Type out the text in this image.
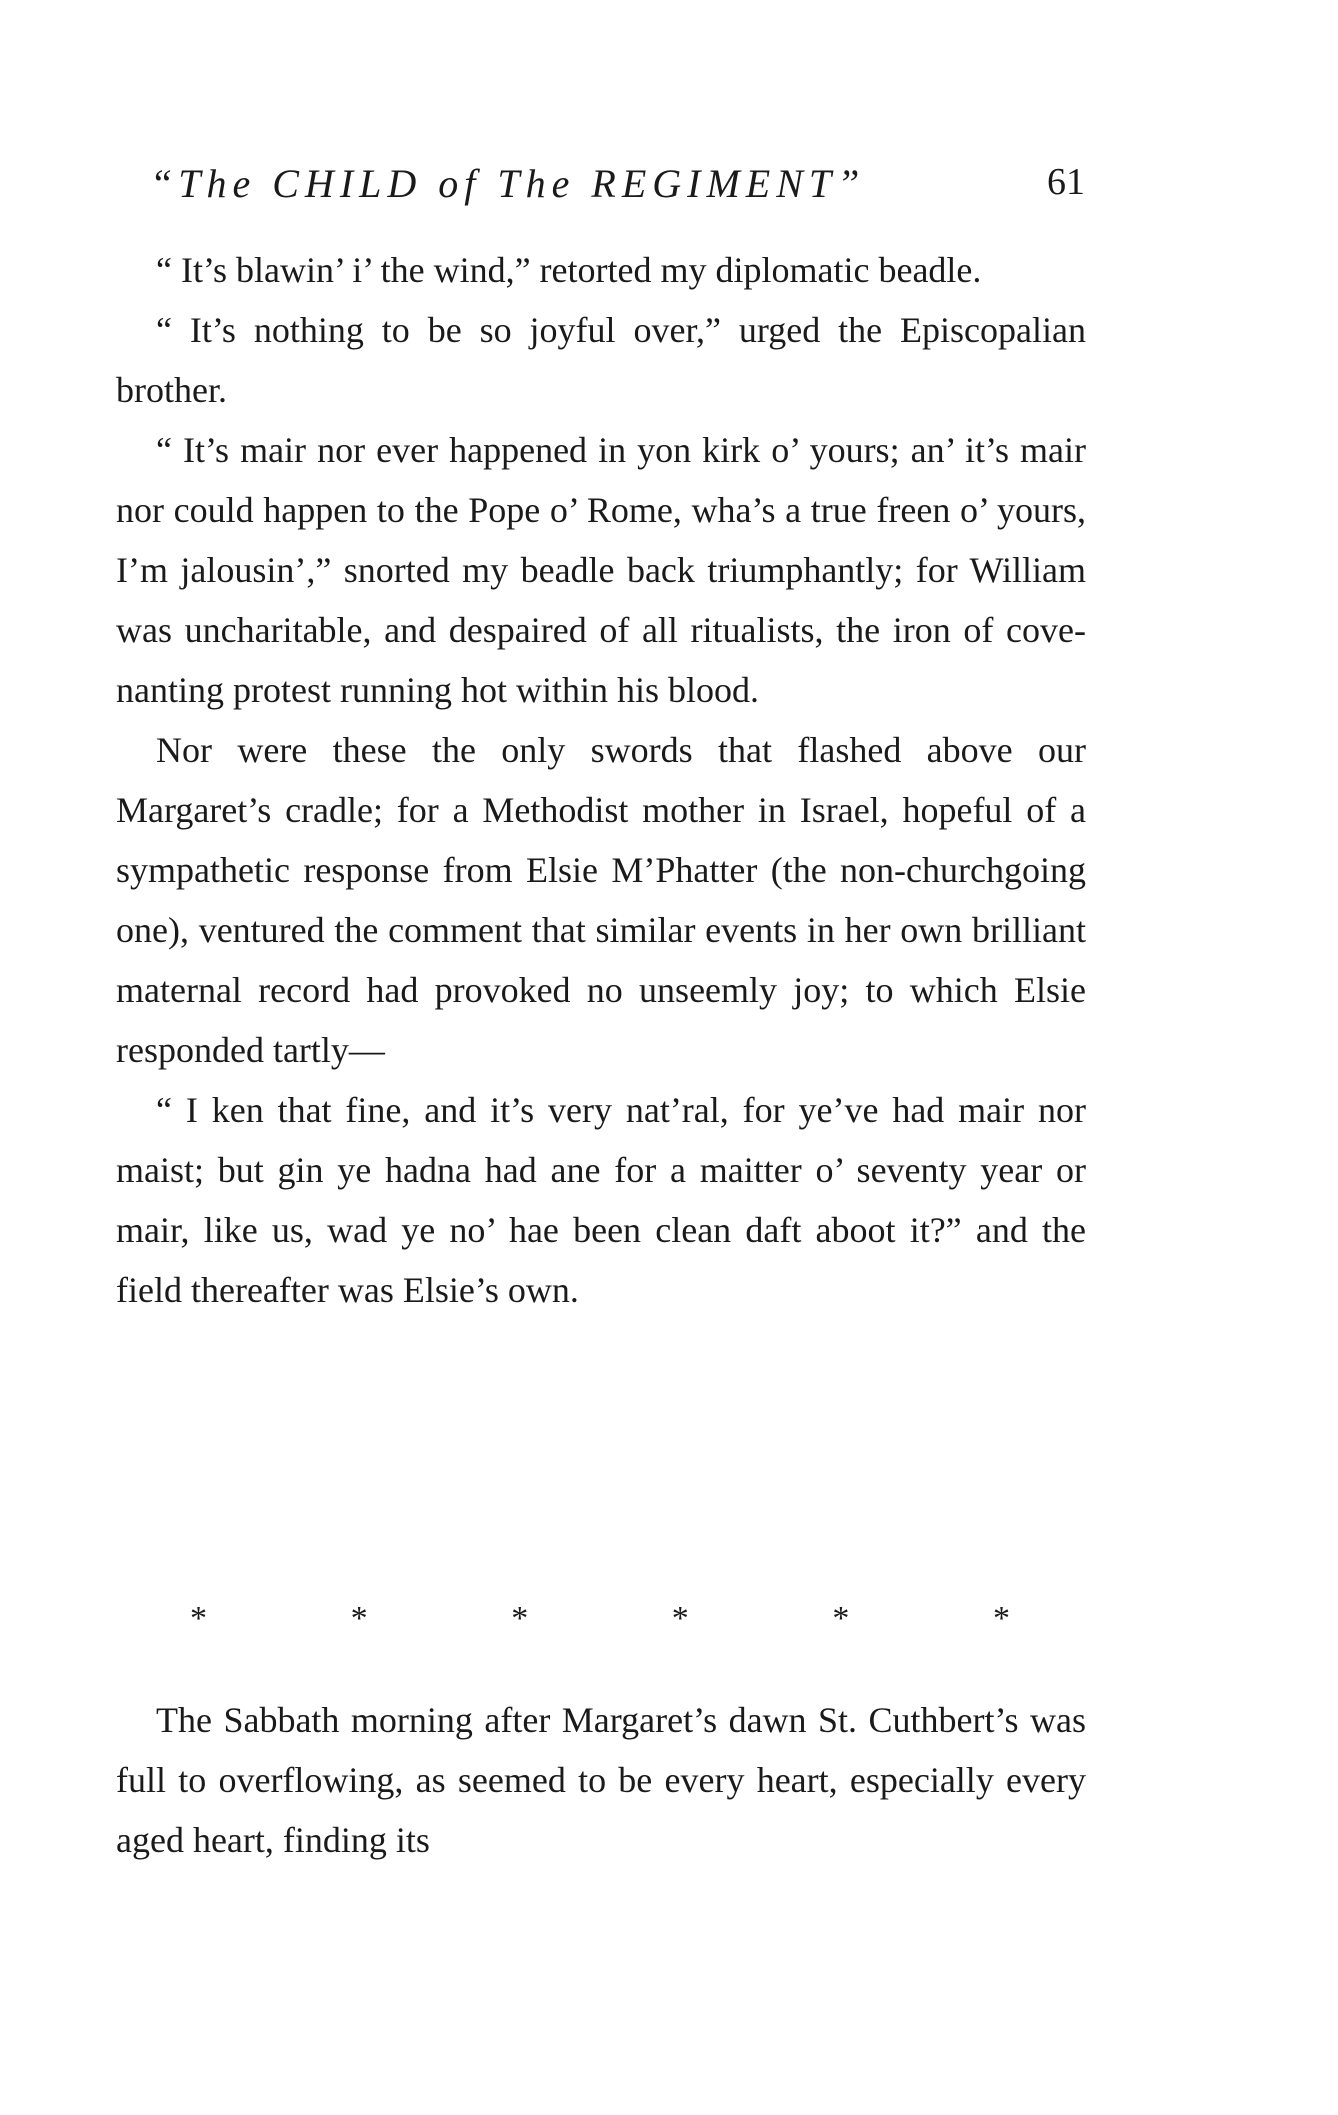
“The CHILD of The REGIMENT”	61

“ It’s blawin’ i’ the wind,” retorted my diplomatic beadle.

“ It’s nothing to be so joyful over,” urged the Episcopalian brother.

“ It’s mair nor ever happened in yon kirk o’ yours; an’ it’s mair nor could happen to the Pope o’ Rome, wha’s a true freen o’ yours, I’m jalousin’,” snorted my beadle back triumphantly; for William was uncharitable, and despaired of all ritualists, the iron of covenanting protest running hot within his blood.

Nor were these the only swords that flashed above our Margaret’s cradle; for a Methodist mother in Israel, hopeful of a sympathetic response from Elsie M’Phatter (the non-churchgoing one), ventured the comment that similar events in her own brilliant maternal record had provoked no unseemly joy; to which Elsie responded tartly—

“ I ken that fine, and it’s very nat’ral, for ye’ve had mair nor maist; but gin ye hadna had ane for a maitter o’ seventy year or mair, like us, wad ye no’ hae been clean daft aboot it?” and the field thereafter was Elsie’s own.

*	*	*	*	*	*

The Sabbath morning after Margaret’s dawn St. Cuthbert’s was full to overflowing, as seemed to be every heart, especially every aged heart, finding its
